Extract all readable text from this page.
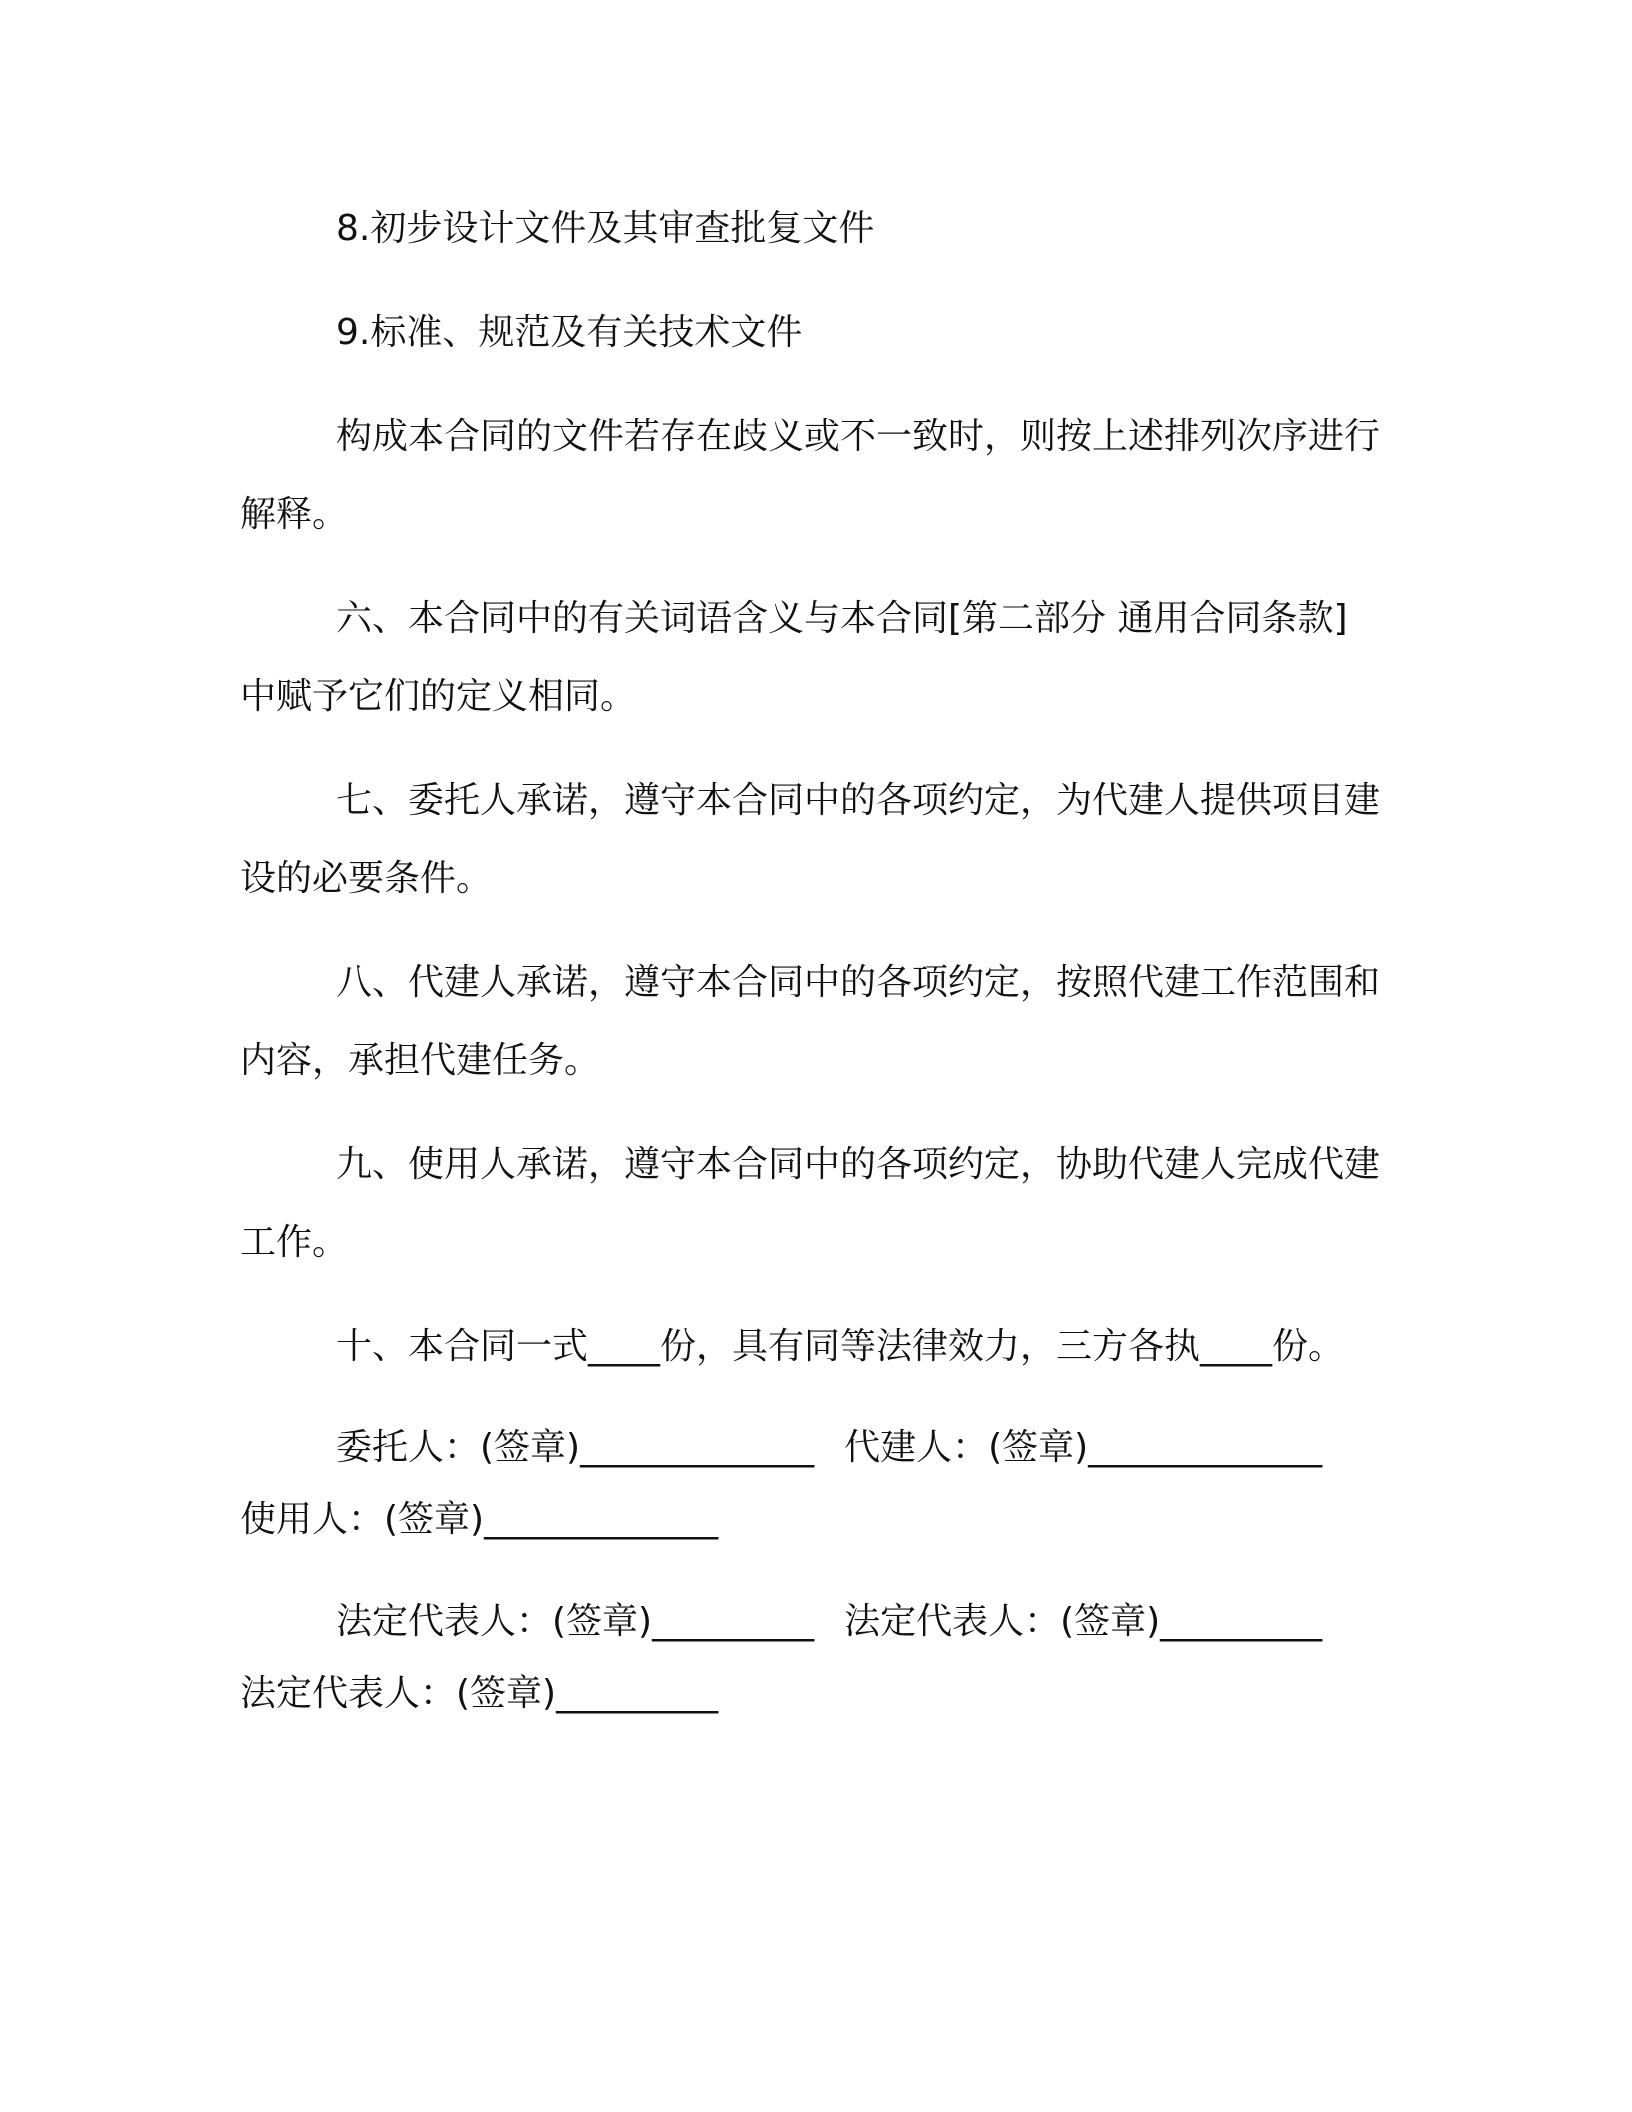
8.初步设计文件及其审查批复文件

9.标准、规范及有关技术文件

构成本合同的文件若存在歧义或不一致时，则按上述排列次序进行解释。

六、本合同中的有关词语含义与本合同[第二部分 通用合同条款]中赋予它们的定义相同。

七、委托人承诺，遵守本合同中的各项约定，为代建人提供项目建设的必要条件。

八、代建人承诺，遵守本合同中的各项约定，按照代建工作范围和内容，承担代建任务。

九、使用人承诺，遵守本合同中的各项约定，协助代建人完成代建工作。

十、本合同一式____份，具有同等法律效力，三方各执____份。

委托人：(签章)_____________ 代建人：(签章)_____________

使用人：(签章)_____________

法定代表人：(签章)_________ 法定代表人：(签章)_________

法定代表人：(签章)_________
